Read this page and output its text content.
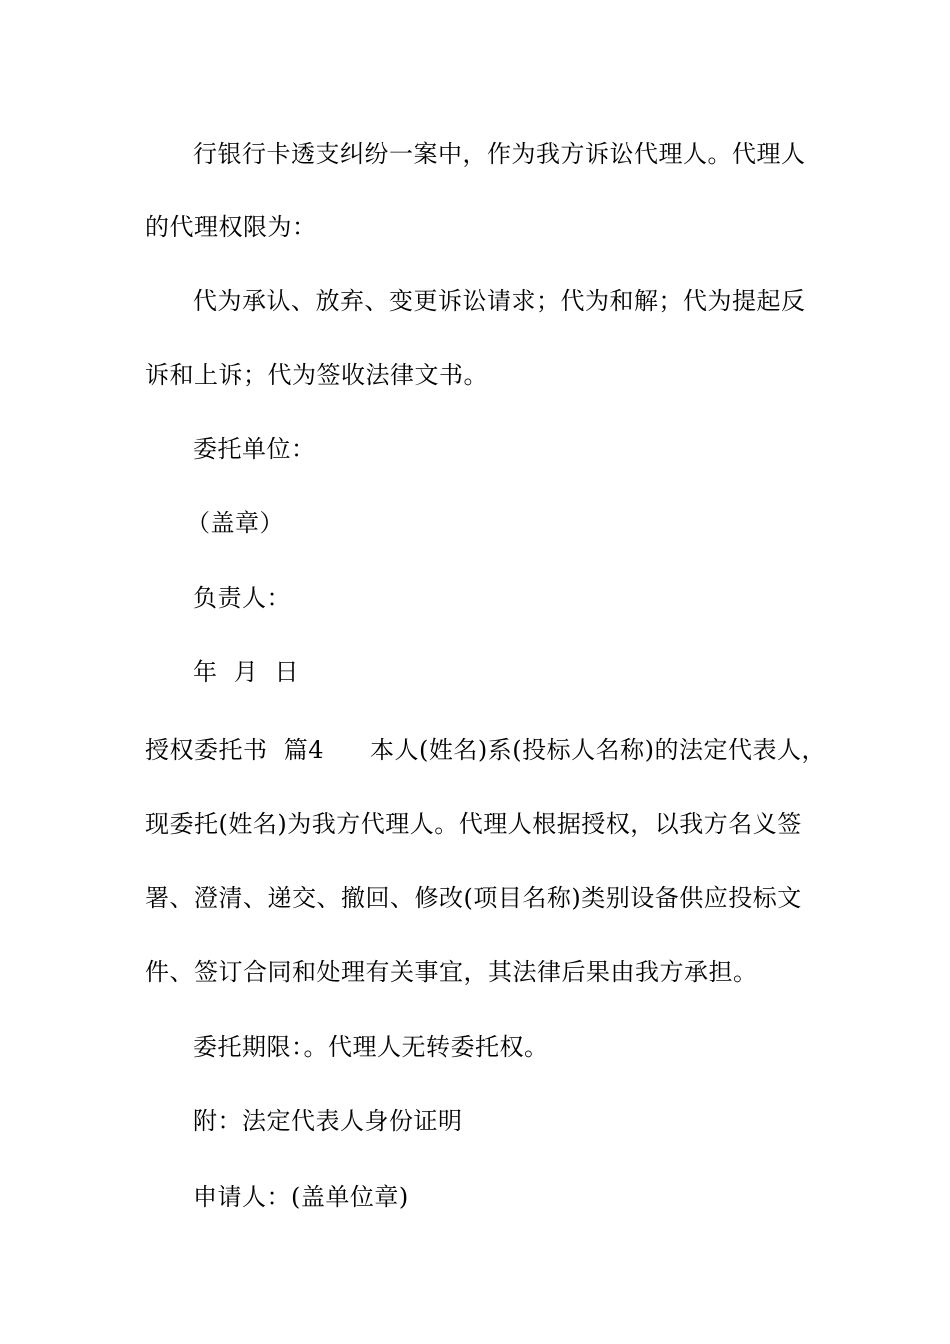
行银行卡透支纠纷一案中，作为我方诉讼代理人。代理人
的代理权限为：
代为承认、放弃、变更诉讼请求；代为和解；代为提起反
诉和上诉；代为签收法律文书。
委托单位：
（盖章）
负责人：
年  月  日
授权委托书  篇4 本人(姓名)系(投标人名称)的法定代表人，
现委托(姓名)为我方代理人。代理人根据授权，以我方名义签
署、澄清、递交、撤回、修改(项目名称)类别设备供应投标文
件、签订合同和处理有关事宜，其法律后果由我方承担。
委托期限：。代理人无转委托权。
附：法定代表人身份证明
申请人：(盖单位章)
